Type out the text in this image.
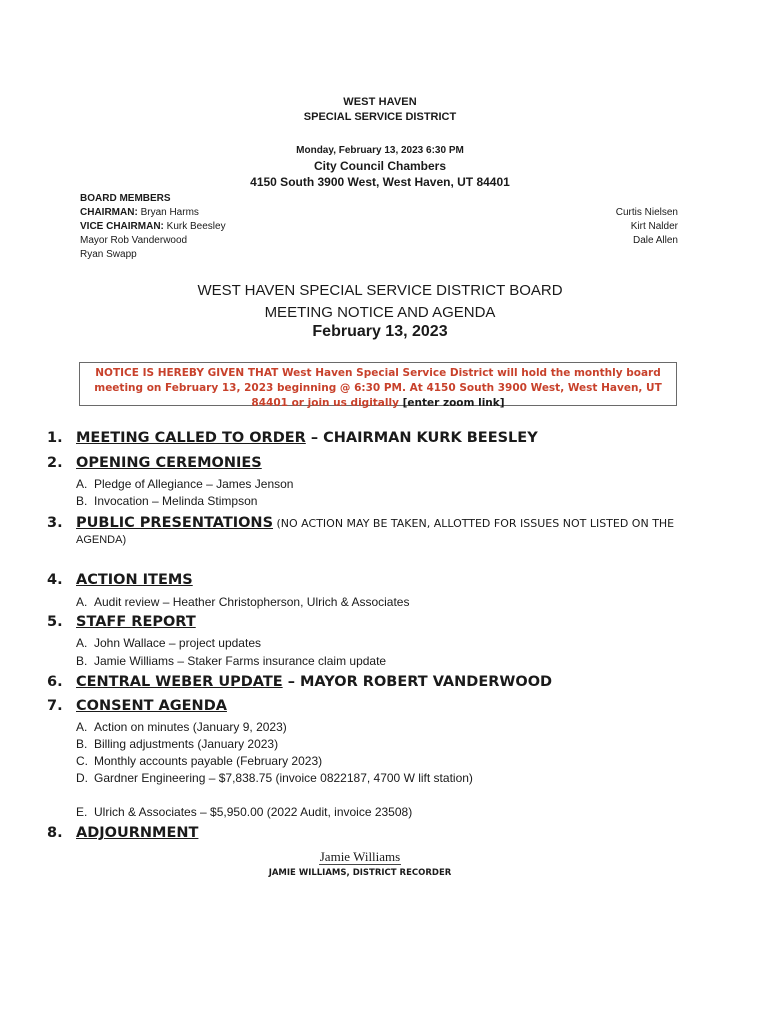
WEST HAVEN
SPECIAL SERVICE DISTRICT
Monday, February 13, 2023 6:30 PM
City Council Chambers
4150 South 3900 West, West Haven, UT 84401
BOARD MEMBERS
CHAIRMAN: Bryan Harms
VICE CHAIRMAN: Kurk Beesley
Mayor Rob Vanderwood
Ryan Swapp
Curtis Nielsen
Kirt Nalder
Dale Allen
WEST HAVEN SPECIAL SERVICE DISTRICT BOARD
MEETING NOTICE AND AGENDA
February 13, 2023
NOTICE IS HEREBY GIVEN THAT West Haven Special Service District will hold the monthly board
meeting on February 13, 2023 beginning @ 6:30 PM. At 4150 South 3900 West, West Haven, UT
84401 or join us digitally [enter zoom link]
1. MEETING CALLED TO ORDER – CHAIRMAN KURK BEESLEY
2. OPENING CEREMONIES
A. Pledge of Allegiance – James Jenson
B. Invocation – Melinda Stimpson
3. PUBLIC PRESENTATIONS (NO ACTION MAY BE TAKEN, ALLOTTED FOR ISSUES NOT LISTED ON THE
AGENDA)
4. ACTION ITEMS
A. Audit review – Heather Christopherson, Ulrich & Associates
5. STAFF REPORT
A. John Wallace – project updates
B. Jamie Williams – Staker Farms insurance claim update
6. CENTRAL WEBER UPDATE – MAYOR ROBERT VANDERWOOD
7. CONSENT AGENDA
A. Action on minutes (January 9, 2023)
B. Billing adjustments (January 2023)
C. Monthly accounts payable (February 2023)
D. Gardner Engineering – $7,838.75 (invoice 0822187, 4700 W lift station)
E. Ulrich & Associates – $5,950.00 (2022 Audit, invoice 23508)
8. ADJOURNMENT
Jamie Williams
JAMIE WILLIAMS, DISTRICT RECORDER
